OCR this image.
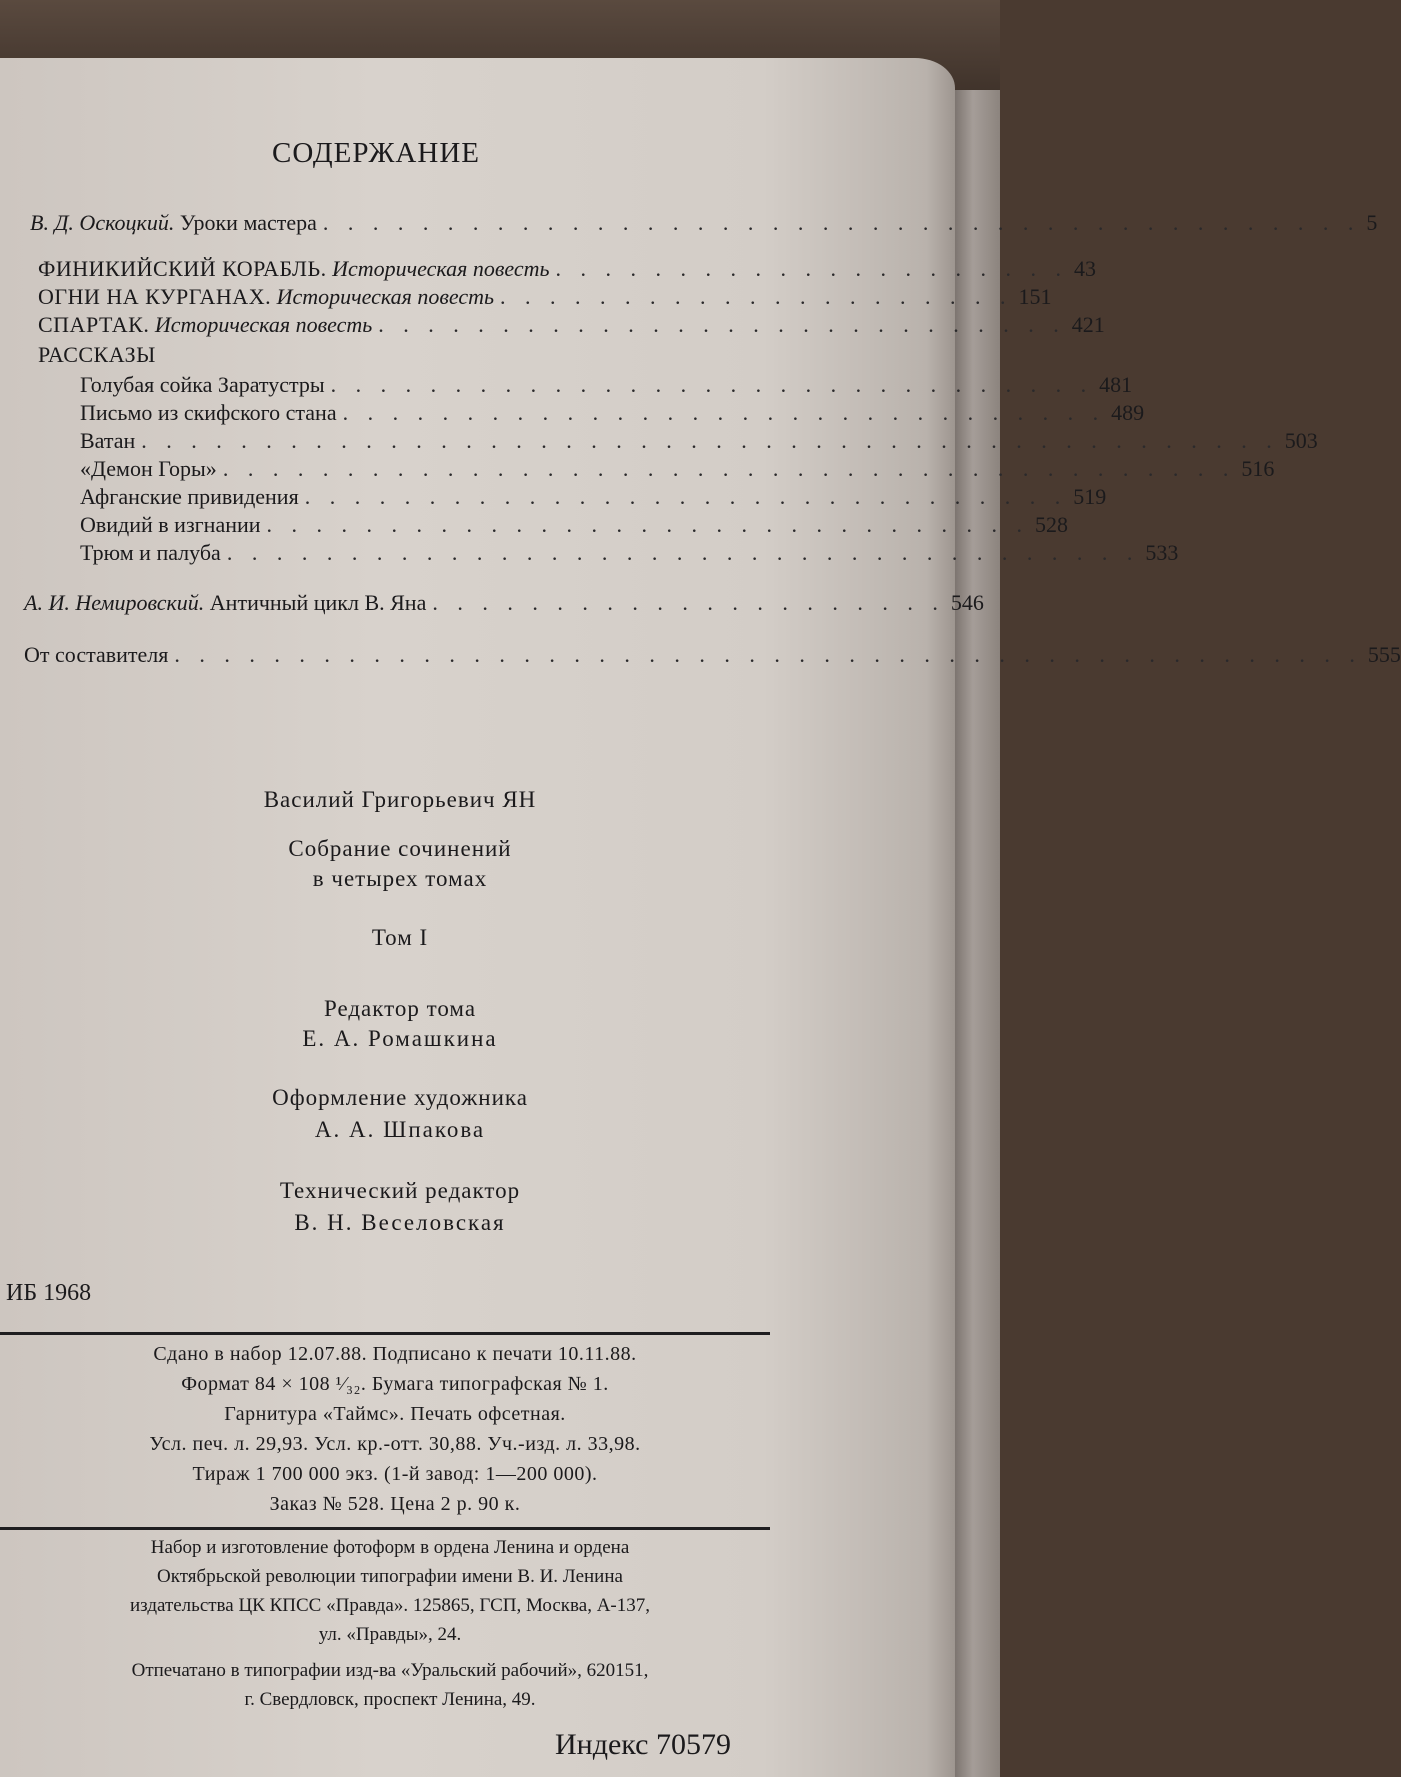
СОДЕРЖАНИЕ
В. Д. Оскоцкий. Уроки мастера . . . . . . . . . . . . . . . . . . . . . . . . . . . . . . . . . . . . . . . . . . 5
ФИНИКИЙСКИЙ КОРАБЛЬ. Историческая повесть . . . . . . . . . . . . . . . . . . . . . 43
ОГНИ НА КУРГАНАХ. Историческая повесть . . . . . . . . . . . . . . . . . . . . . 151
СПАРТАК. Историческая повесть . . . . . . . . . . . . . . . . . . . . . . . . . . . . 421
РАССКАЗЫ
Голубая сойка Заратустры . . . . . . . . . . . . . . . . . . . . . . . . . . . . . . . 481
Письмо из скифского стана . . . . . . . . . . . . . . . . . . . . . . . . . . . . . . . 489
Ватан . . . . . . . . . . . . . . . . . . . . . . . . . . . . . . . . . . . . . . . . . . . . . . 503
«Демон Горы» . . . . . . . . . . . . . . . . . . . . . . . . . . . . . . . . . . . . . . . . . 516
Афганские привидения . . . . . . . . . . . . . . . . . . . . . . . . . . . . . . . 519
Овидий в изгнании . . . . . . . . . . . . . . . . . . . . . . . . . . . . . . . 528
Трюм и палуба . . . . . . . . . . . . . . . . . . . . . . . . . . . . . . . . . . . . . 533
А. И. Немировский. Античный цикл В. Яна . . . . . . . . . . . . . . . . . . . . . 546
От составителя . . . . . . . . . . . . . . . . . . . . . . . . . . . . . . . . . . . . . . . . . . . . . . . . 555
Василий Григорьевич ЯН
Собрание сочинений
в четырех томах
Том I
Редактор тома
Е. А. Ромашкина
Оформление художника
А. А. Шпакова
Технический редактор
В. Н. Веселовская
ИБ 1968
Сдано в набор 12.07.88. Подписано к печати 10.11.88.
Формат 84 × 108 ¹⁄₃₂. Бумага типографская № 1.
Гарнитура «Таймс». Печать офсетная.
Усл. печ. л. 29,93. Усл. кр.-отт. 30,88. Уч.-изд. л. 33,98.
Тираж 1 700 000 экз. (1-й завод: 1—200 000).
Заказ № 528. Цена 2 р. 90 к.
Набор и изготовление фотоформ в ордена Ленина и ордена
Октябрьской революции типографии имени В. И. Ленина
издательства ЦК КПСС «Правда». 125865, ГСП, Москва, А-137,
ул. «Правды», 24.
Отпечатано в типографии изд-ва «Уральский рабочий», 620151,
г. Свердловск, проспект Ленина, 49.
Индекс 70579
